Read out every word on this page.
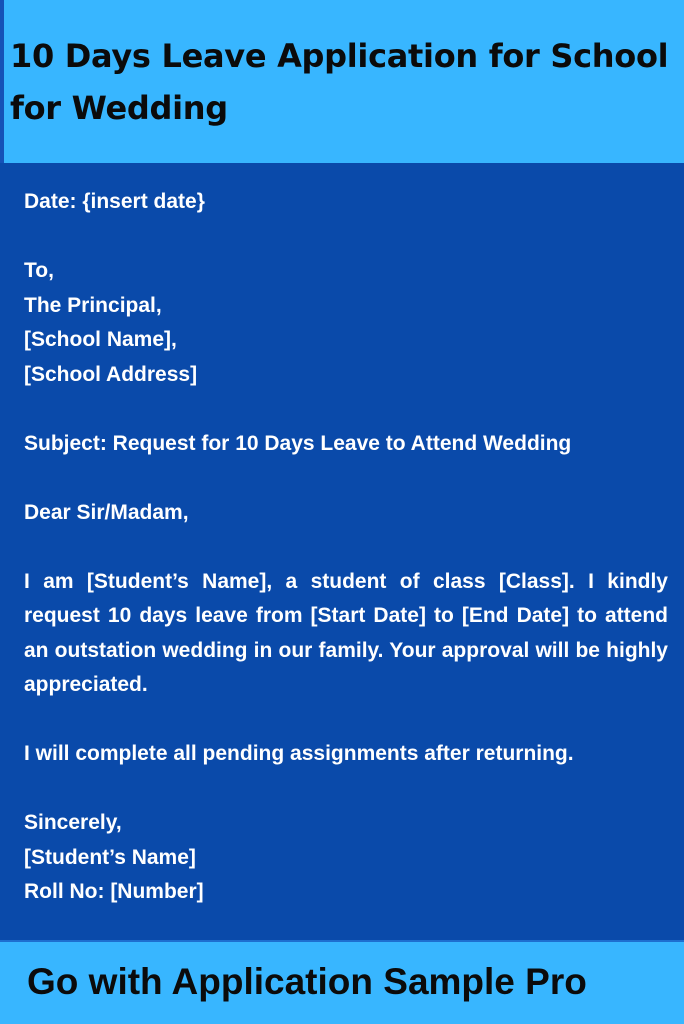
10 Days Leave Application for School for Wedding

Date: {insert date}

To,

The Principal,

[School Name],

[School Address]

Subject: Request for 10 Days Leave to Attend Wedding

Dear Sir/Madam,

I am [Student’s Name], a student of class [Class]. I kindly request 10 days leave from [Start Date] to [End Date] to attend an outstation wedding in our family. Your approval will be highly appreciated.

I will complete all pending assignments after returning.

Sincerely,

[Student’s Name]

Roll No: [Number]

Go with Application Sample Pro
